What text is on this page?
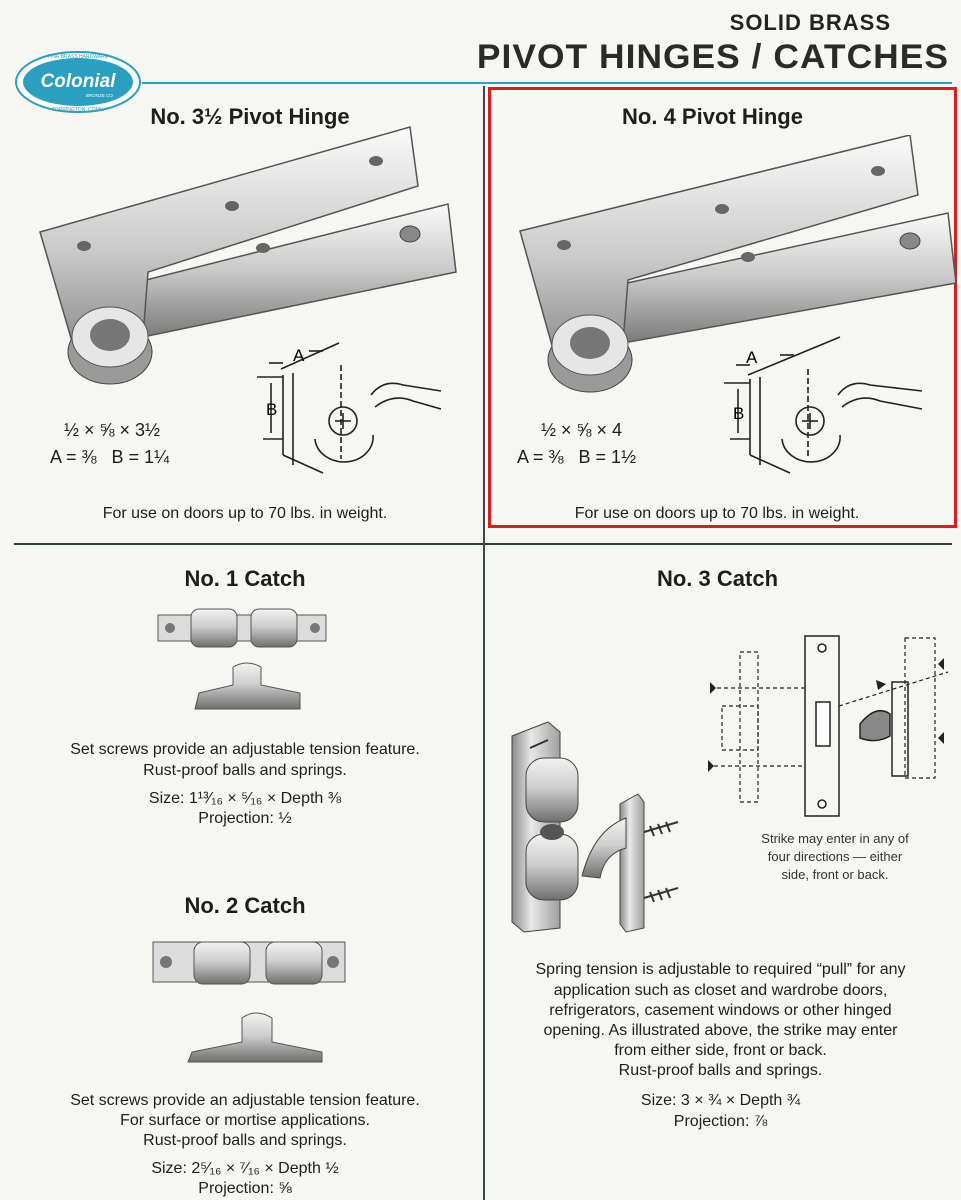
FINE BRASS HARDWARE
Colonial
BRONZE CO.
TORRINGTON, CONN.
SOLID BRASS
PIVOT HINGES / CATCHES
No. 3½ Pivot Hinge
A
B
½ × ⅝ × 3½
A = ⅜   B = 1¼
For use on doors up to 70 lbs. in weight.
No. 4 Pivot Hinge
A
B
½ × ⅝ × 4
A = ⅜   B = 1½
For use on doors up to 70 lbs. in weight.
No. 1 Catch
Set screws provide an adjustable tension feature.
Rust-proof balls and springs.
Size: 1¹³⁄₁₆ × ⁵⁄₁₆ × Depth ⅜
Projection: ½
No. 2 Catch
Set screws provide an adjustable tension feature.
For surface or mortise applications.
Rust-proof balls and springs.
Size: 2⁵⁄₁₆ × ⁷⁄₁₆ × Depth ½
Projection: ⅝
No. 3 Catch
Strike may enter in any of
four directions — either
side, front or back.
Spring tension is adjustable to required “pull” for any
application such as closet and wardrobe doors,
refrigerators, casement windows or other hinged
opening. As illustrated above, the strike may enter
from either side, front or back.
Rust-proof balls and springs.
Size: 3 × ¾ × Depth ¾
Projection: ⅞
